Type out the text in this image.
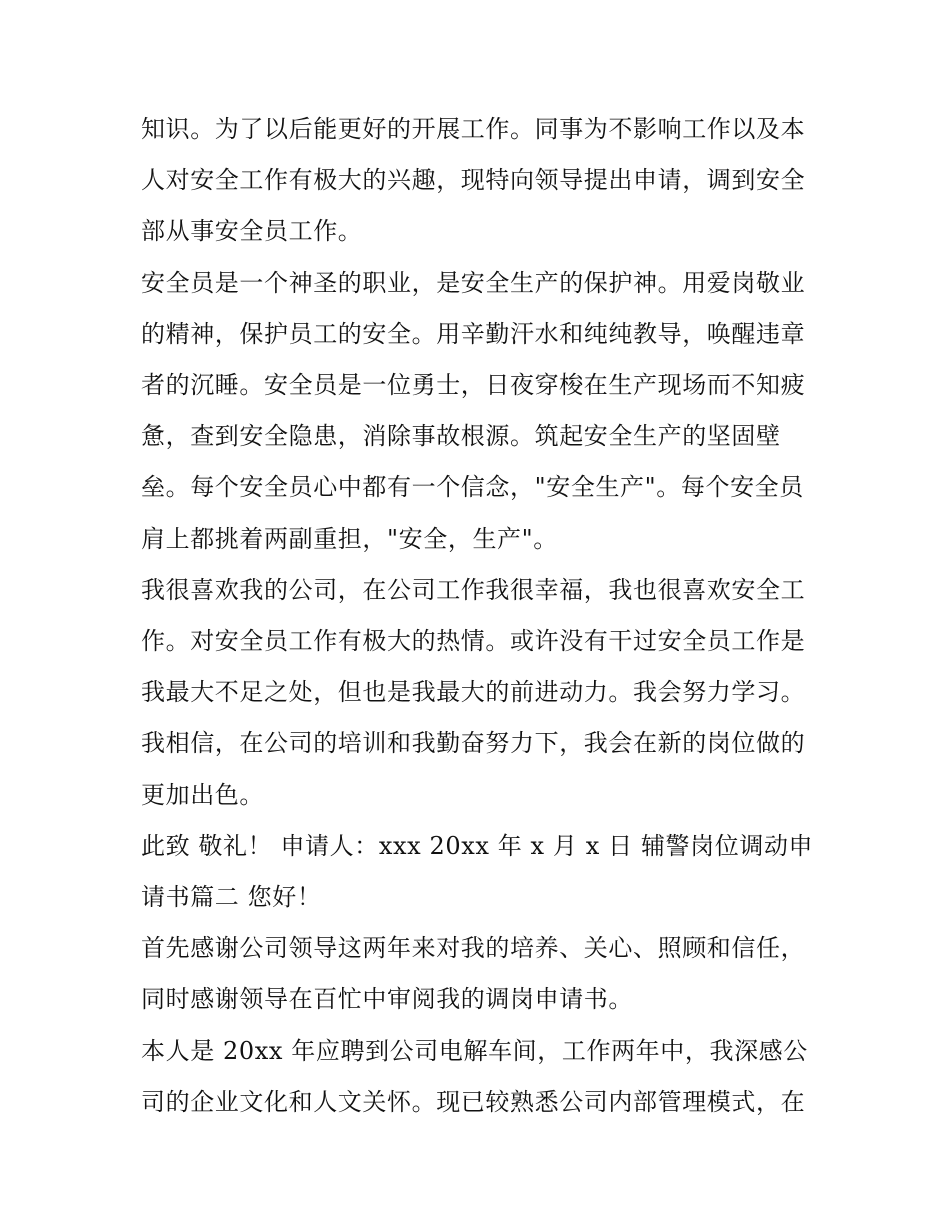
知识。为了以后能更好的开展工作。同事为不影响工作以及本人对安全工作有极大的兴趣，现特向领导提出申请，调到安全部从事安全员工作。

安全员是一个神圣的职业，是安全生产的保护神。用爱岗敬业的精神，保护员工的安全。用辛勤汗水和纯纯教导，唤醒违章者的沉睡。安全员是一位勇士，日夜穿梭在生产现场而不知疲惫，查到安全隐患，消除事故根源。筑起安全生产的坚固壁垒。每个安全员心中都有一个信念，"安全生产"。每个安全员肩上都挑着两副重担，"安全，生产"。

我很喜欢我的公司，在公司工作我很幸福，我也很喜欢安全工作。对安全员工作有极大的热情。或许没有干过安全员工作是我最大不足之处，但也是我最大的前进动力。我会努力学习。我相信，在公司的培训和我勤奋努力下，我会在新的岗位做的更加出色。

此致 敬礼！ 申请人：xxx 20xx 年 x 月 x 日 辅警岗位调动申请书篇二 您好！

首先感谢公司领导这两年来对我的培养、关心、照顾和信任，同时感谢领导在百忙中审阅我的调岗申请书。

本人是 20xx 年应聘到公司电解车间，工作两年中，我深感公司的企业文化和人文关怀。现已较熟悉公司内部管理模式，在
